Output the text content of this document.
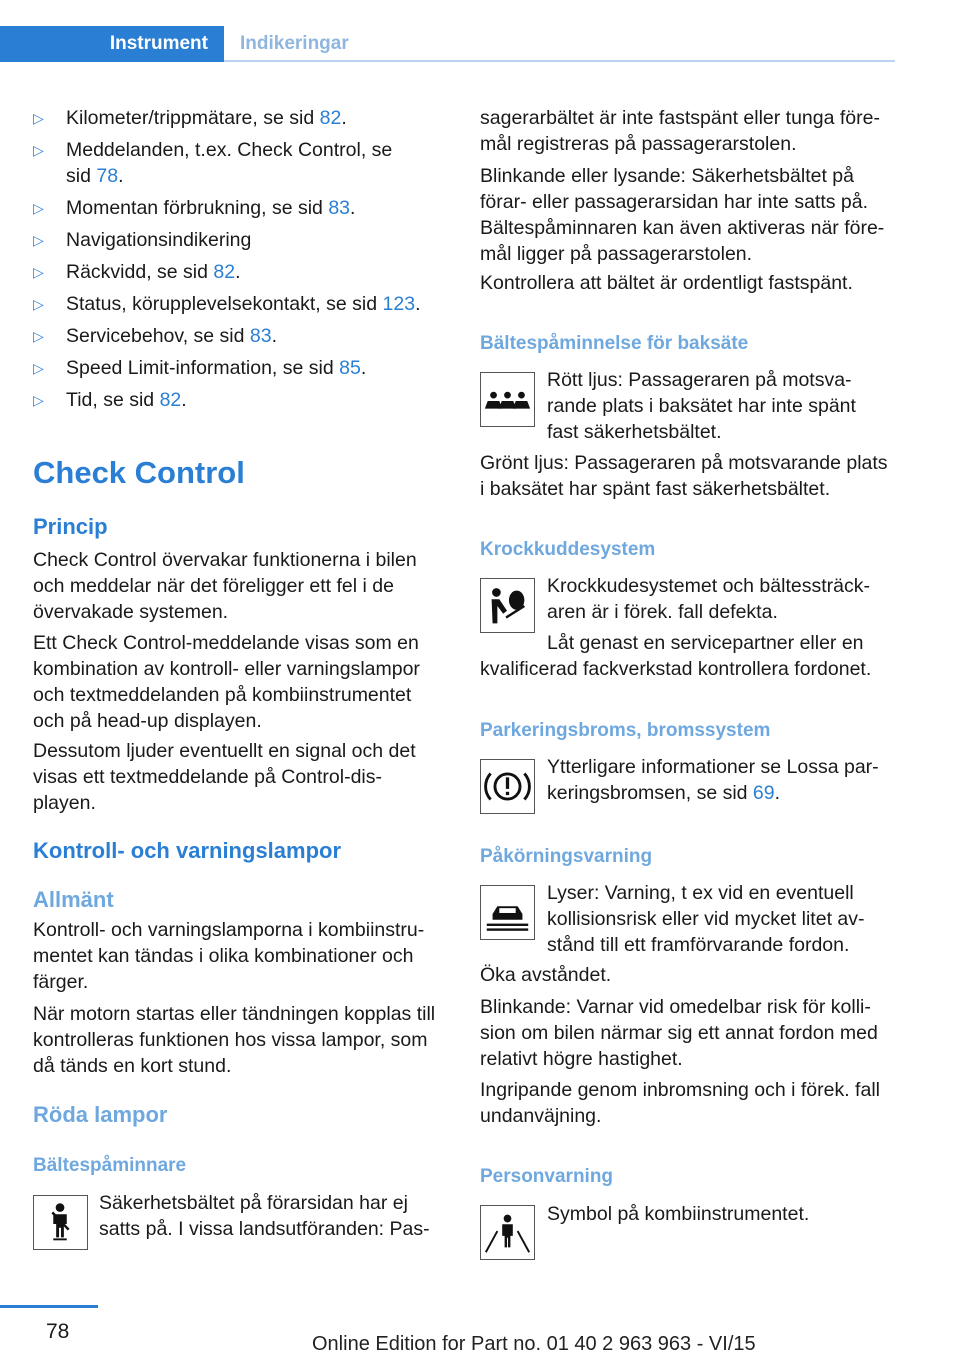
Instrument Indikeringar
▷ Kilometer/trippmätare, se sid 82.
▷ Meddelanden, t.ex. Check Control, se
sid 78.
▷ Momentan förbrukning, se sid 83.
▷ Navigationsindikering
▷ Räckvidd, se sid 82.
▷ Status, körupplevelsekontakt, se sid 123.
▷ Servicebehov, se sid 83.
▷ Speed Limit-information, se sid 85.
▷ Tid, se sid 82.
Check Control
Princip
Check Control övervakar funktionerna i bilen
och meddelar när det föreligger ett fel i de
övervakade systemen.
Ett Check Control-meddelande visas som en
kombination av kontroll- eller varningslampor
och textmeddelanden på kombiinstrumentet
och på head-up displayen.
Dessutom ljuder eventuellt en signal och det
visas ett textmeddelande på Control-dis-
playen.
Kontroll- och varningslampor
Allmänt
Kontroll- och varningslamporna i kombiinstru-
mentet kan tändas i olika kombinationer och
färger.
När motorn startas eller tändningen kopplas till
kontrolleras funktionen hos vissa lampor, som
då tänds en kort stund.
Röda lampor
Bältespåminnare
Säkerhetsbältet på förarsidan har ej
satts på. I vissa landsutföranden: Pas-
sagerarbältet är inte fastspänt eller tunga före-
mål registreras på passagerarstolen.
Blinkande eller lysande: Säkerhetsbältet på
förar- eller passagerarsidan har inte satts på.
Bältespåminnaren kan även aktiveras när före-
mål ligger på passagerarstolen.
Kontrollera att bältet är ordentligt fastspänt.
Bältespåminnelse för baksäte
Rött ljus: Passageraren på motsva-
rande plats i baksätet har inte spänt
fast säkerhetsbältet.
Grönt ljus: Passageraren på motsvarande plats
i baksätet har spänt fast säkerhetsbältet.
Krockkuddesystem
Krockkudesystemet och bältessträck-
aren är i förek. fall defekta.
Låt genast en servicepartner eller en
kvalificerad fackverkstad kontrollera fordonet.
Parkeringsbroms, bromssystem
Ytterligare informationer se Lossa par-
keringsbromsen, se sid 69.
Påkörningsvarning
Lyser: Varning, t ex vid en eventuell
kollisionsrisk eller vid mycket litet av-
stånd till ett framförvarande fordon.
Öka avståndet.
Blinkande: Varnar vid omedelbar risk för kolli-
sion om bilen närmar sig ett annat fordon med
relativt högre hastighet.
Ingripande genom inbromsning och i förek. fall
undanväjning.
Personvarning
Symbol på kombiinstrumentet.
78
Online Edition for Part no. 01 40 2 963 963 - VI/15
